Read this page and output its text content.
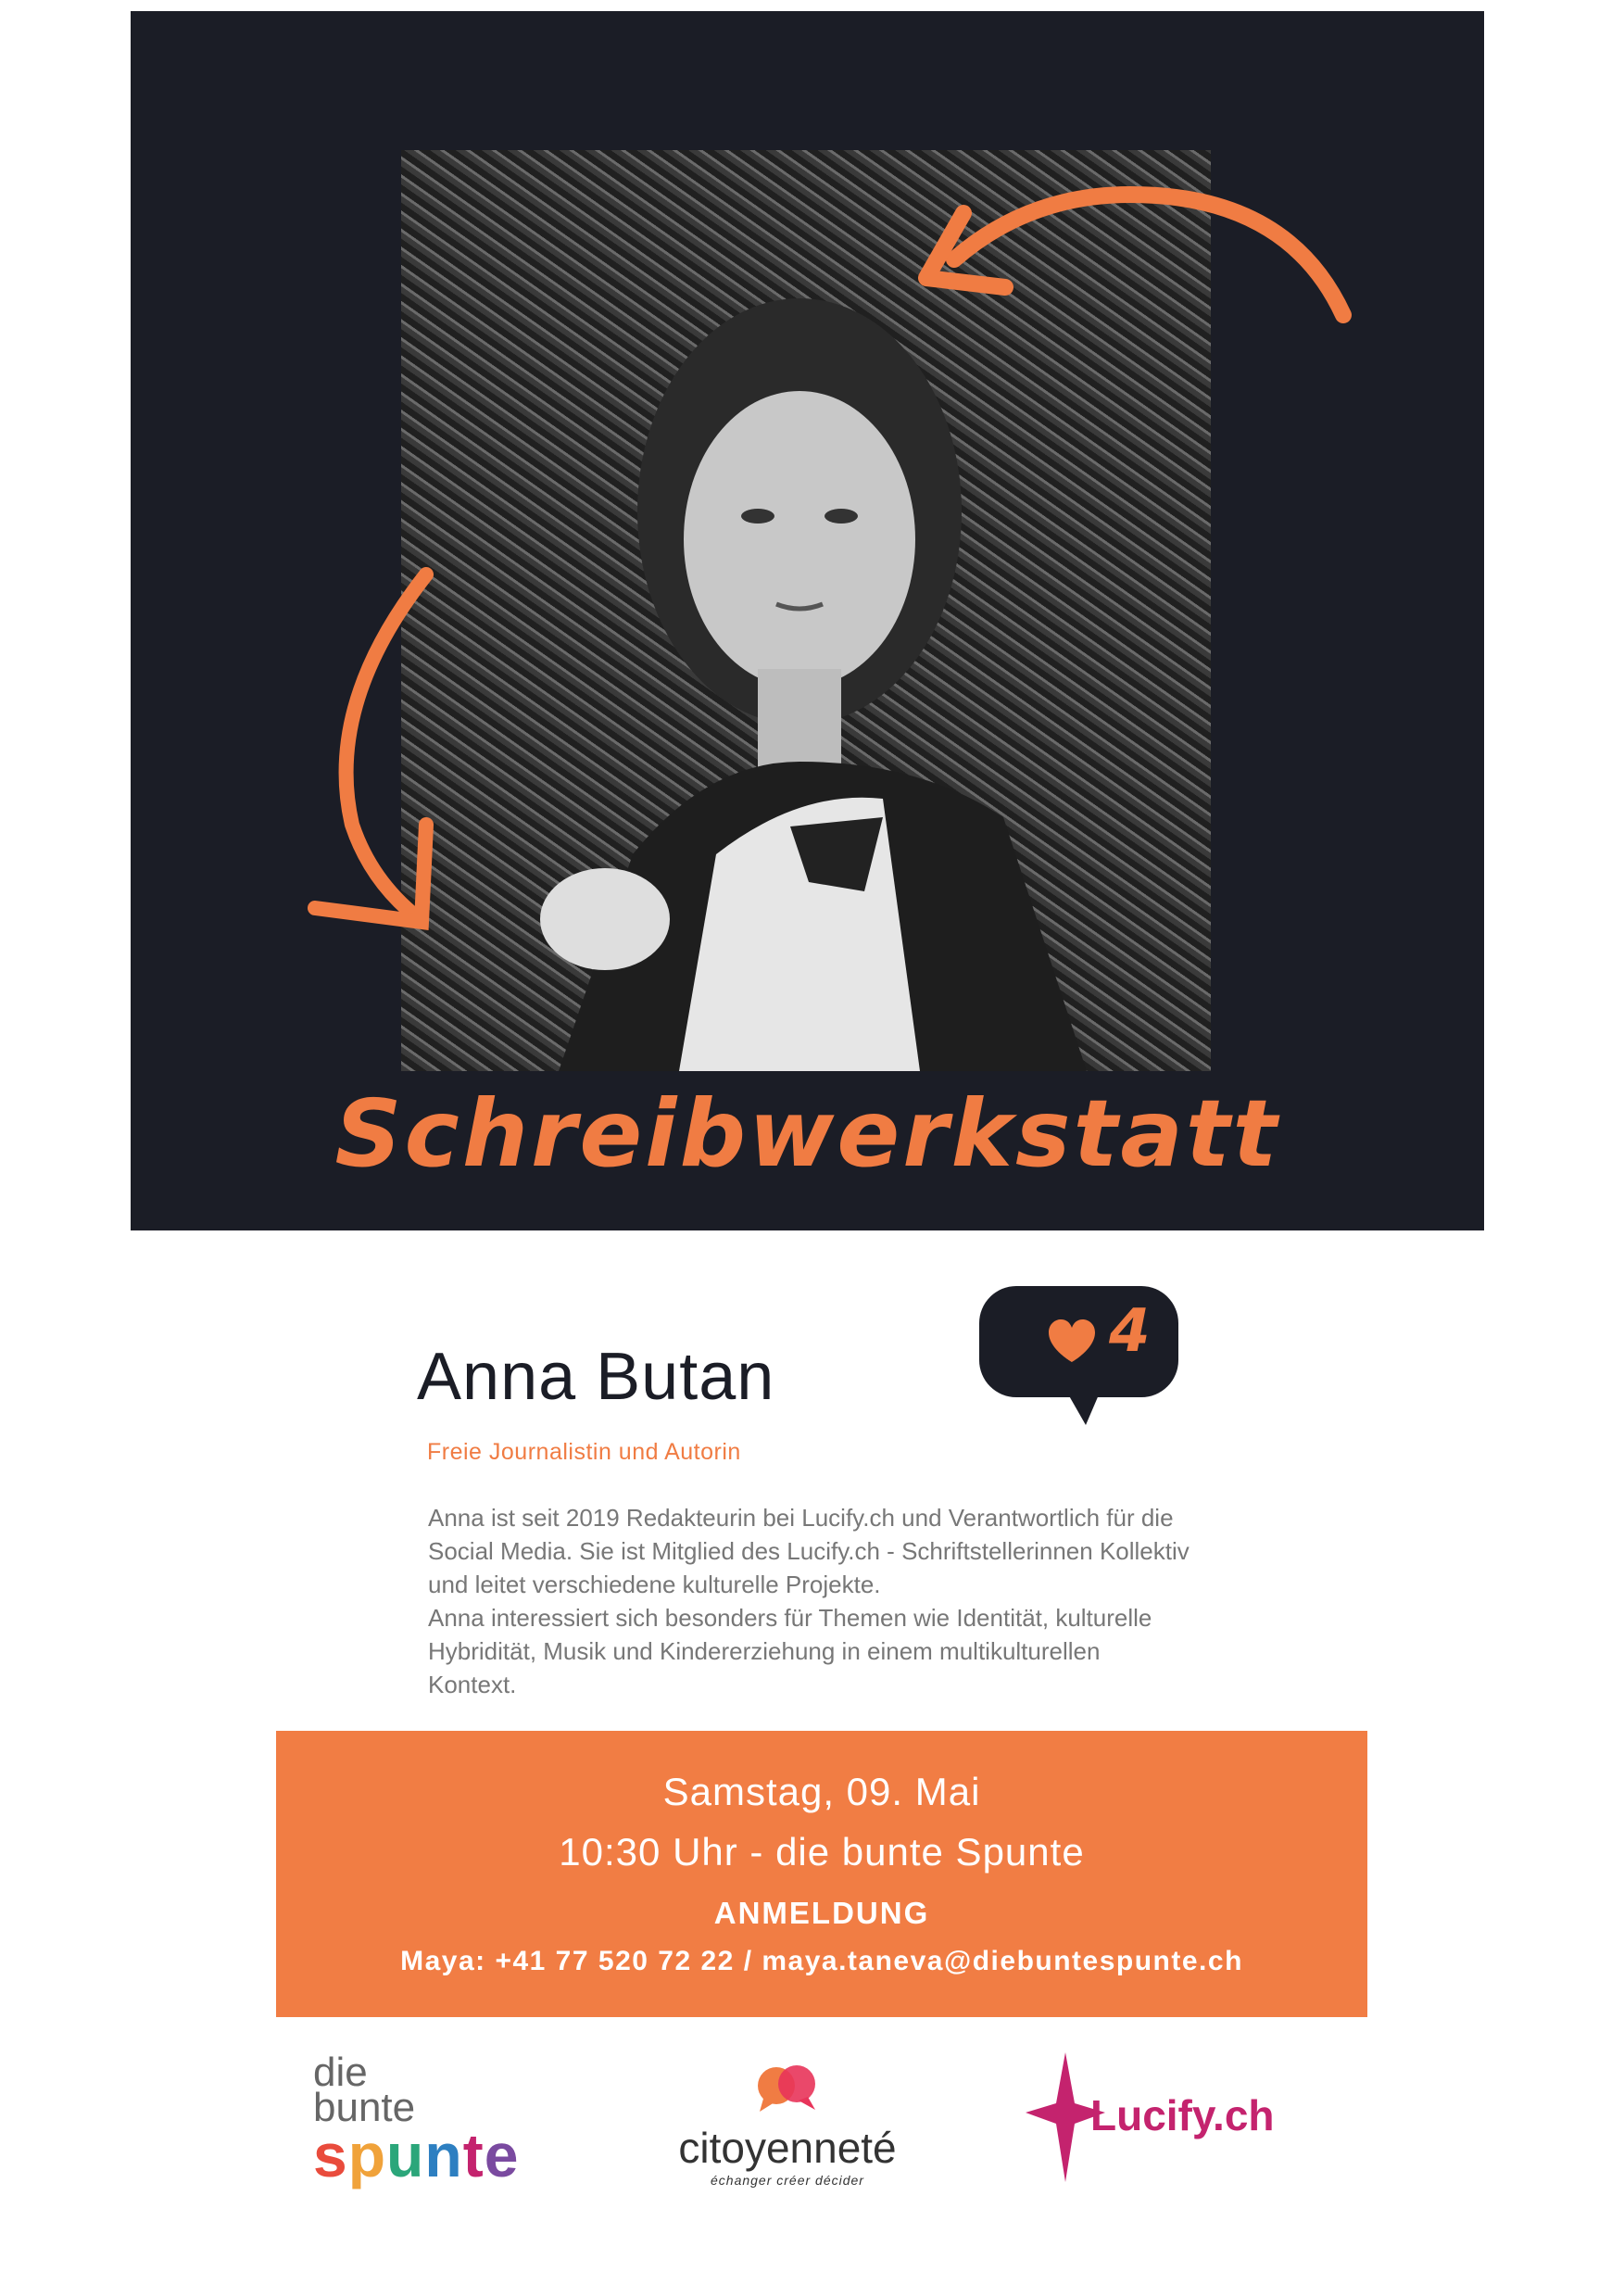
Schreibwerkstatt
4
Anna Butan
Freie Journalistin und Autorin

Anna ist seit 2019 Redakteurin bei Lucify.ch und Verantwortlich für die

Social Media. Sie ist Mitglied des Lucify.ch - Schriftstellerinnen Kollektiv

und leitet verschiedene kulturelle Projekte.

Anna interessiert sich besonders für Themen wie Identität, kulturelle

Hybridität, Musik und Kindererziehung in einem multikulturellen

Kontext.

Samstag, 09. Mai
10:30 Uhr - die bunte Spunte
ANMELDUNG
Maya: +41 77 520 72 22 / maya.taneva@diebuntespunte.ch
die
bunte
spunte	citoyenneté
échanger créer décider
Lucify.ch
